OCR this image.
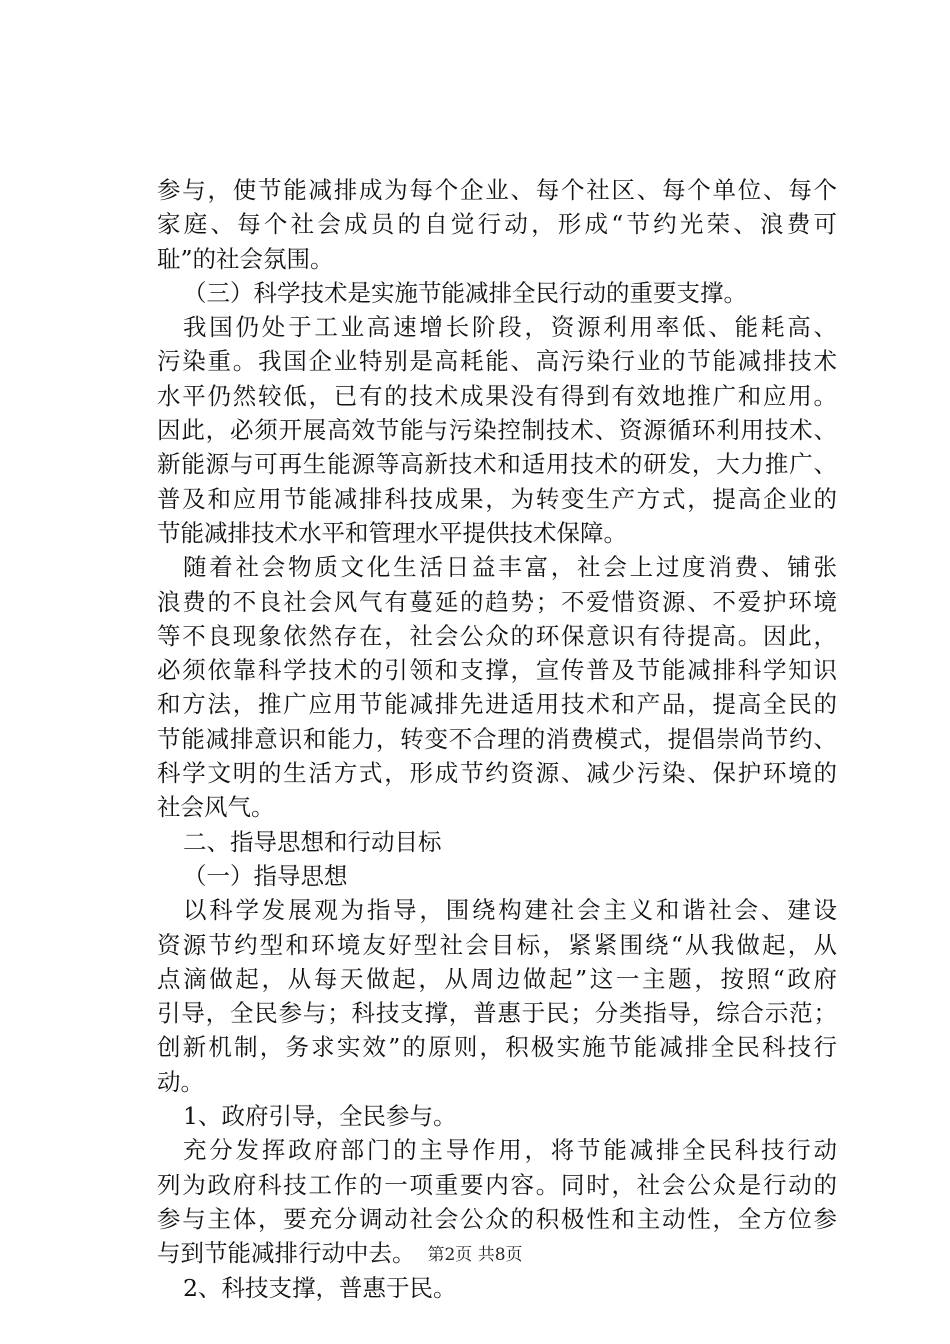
参与，使节能减排成为每个企业、每个社区、每个单位、每个
家庭、每个社会成员的自觉行动，形成“节约光荣、浪费可
耻”的社会氛围。
（三）科学技术是实施节能减排全民行动的重要支撑。
我国仍处于工业高速增长阶段，资源利用率低、能耗高、
污染重。我国企业特别是高耗能、高污染行业的节能减排技术
水平仍然较低，已有的技术成果没有得到有效地推广和应用。
因此，必须开展高效节能与污染控制技术、资源循环利用技术、
新能源与可再生能源等高新技术和适用技术的研发，大力推广、
普及和应用节能减排科技成果，为转变生产方式，提高企业的
节能减排技术水平和管理水平提供技术保障。
随着社会物质文化生活日益丰富，社会上过度消费、铺张
浪费的不良社会风气有蔓延的趋势；不爱惜资源、不爱护环境
等不良现象依然存在，社会公众的环保意识有待提高。因此，
必须依靠科学技术的引领和支撑，宣传普及节能减排科学知识
和方法，推广应用节能减排先进适用技术和产品，提高全民的
节能减排意识和能力，转变不合理的消费模式，提倡崇尚节约、
科学文明的生活方式，形成节约资源、减少污染、保护环境的
社会风气。
二、指导思想和行动目标
（一）指导思想
以科学发展观为指导，围绕构建社会主义和谐社会、建设
资源节约型和环境友好型社会目标，紧紧围绕“从我做起，从
点滴做起，从每天做起，从周边做起”这一主题，按照“政府
引导，全民参与；科技支撑，普惠于民；分类指导，综合示范；
创新机制，务求实效”的原则，积极实施节能减排全民科技行
动。
1、政府引导，全民参与。
充分发挥政府部门的主导作用，将节能减排全民科技行动
列为政府科技工作的一项重要内容。同时，社会公众是行动的
参与主体，要充分调动社会公众的积极性和主动性，全方位参
与到节能减排行动中去。
2、科技支撑，普惠于民。
第2页 共8页
